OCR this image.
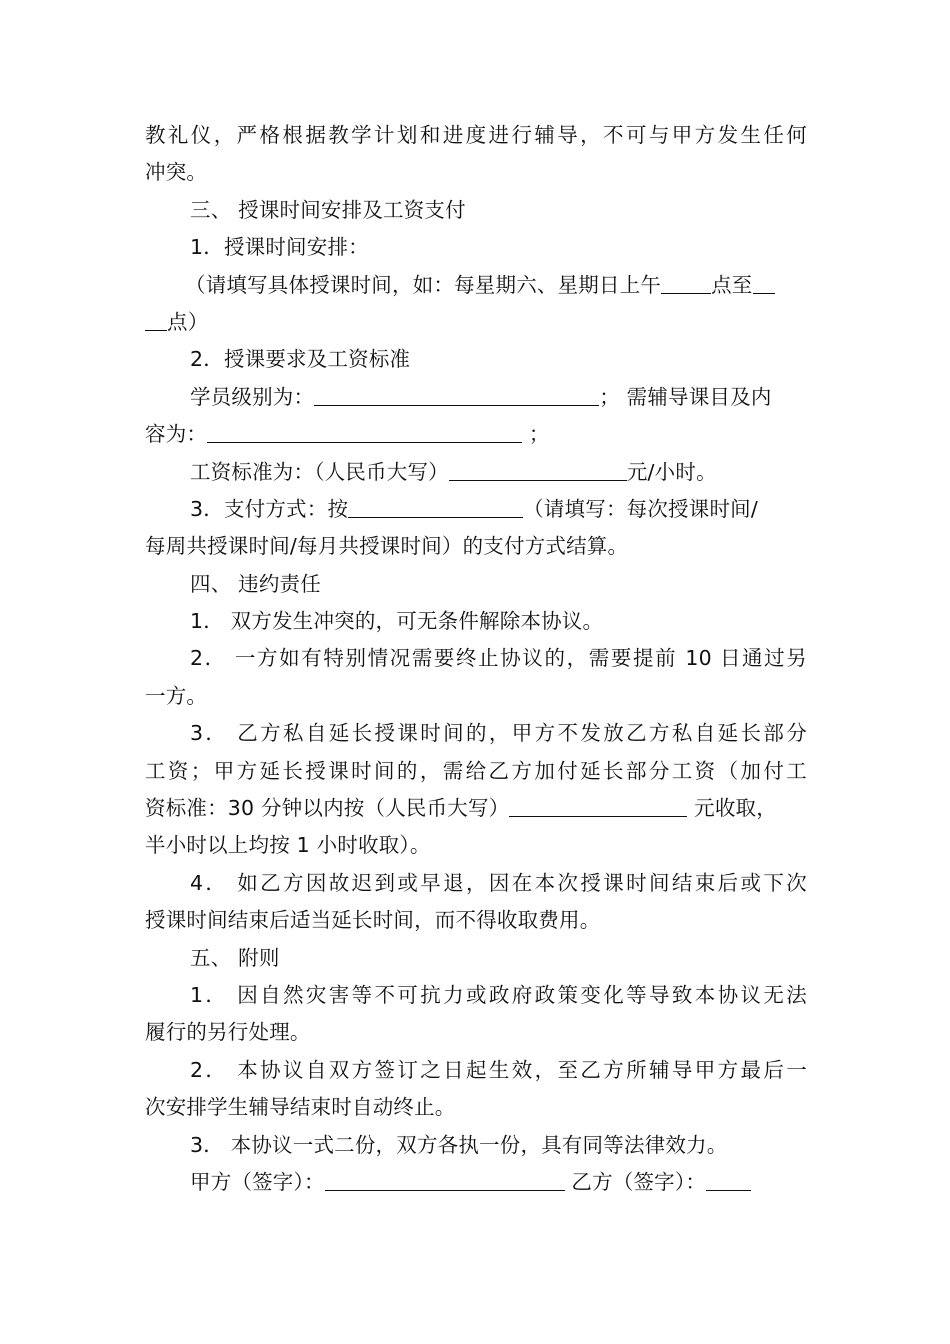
教礼仪，严格根据教学计划和进度进行辅导，不可与甲方发生任何
冲突。
三、 授课时间安排及工资支付
1．授课时间安排：
（请填写具体授课时间，如：每星期六、星期日上午 点至
点）
2．授课要求及工资标准
学员级别为：	； 需辅导课目及内
容为：	；
工资标准为：（人民币大写）	元/小时。
3．支付方式：按	（请填写：每次授课时间/
每周共授课时间/每月共授课时间）的支付方式结算。
四、 违约责任
1． 双方发生冲突的，可无条件解除本协议。
2． 一方如有特别情况需要终止协议的，需要提前 10 日通过另
一方。
3． 乙方私自延长授课时间的，甲方不发放乙方私自延长部分
工资；甲方延长授课时间的，需给乙方加付延长部分工资（加付工
资标准：30 分钟以内按（人民币大写）	元收取，
半小时以上均按 1 小时收取）。
4． 如乙方因故迟到或早退，因在本次授课时间结束后或下次
授课时间结束后适当延长时间，而不得收取费用。
五、 附则
1． 因自然灾害等不可抗力或政府政策变化等导致本协议无法
履行的另行处理。
2． 本协议自双方签订之日起生效，至乙方所辅导甲方最后一
次安排学生辅导结束时自动终止。
3． 本协议一式二份，双方各执一份，具有同等法律效力。
甲方（签字）：	乙方（签字）：
